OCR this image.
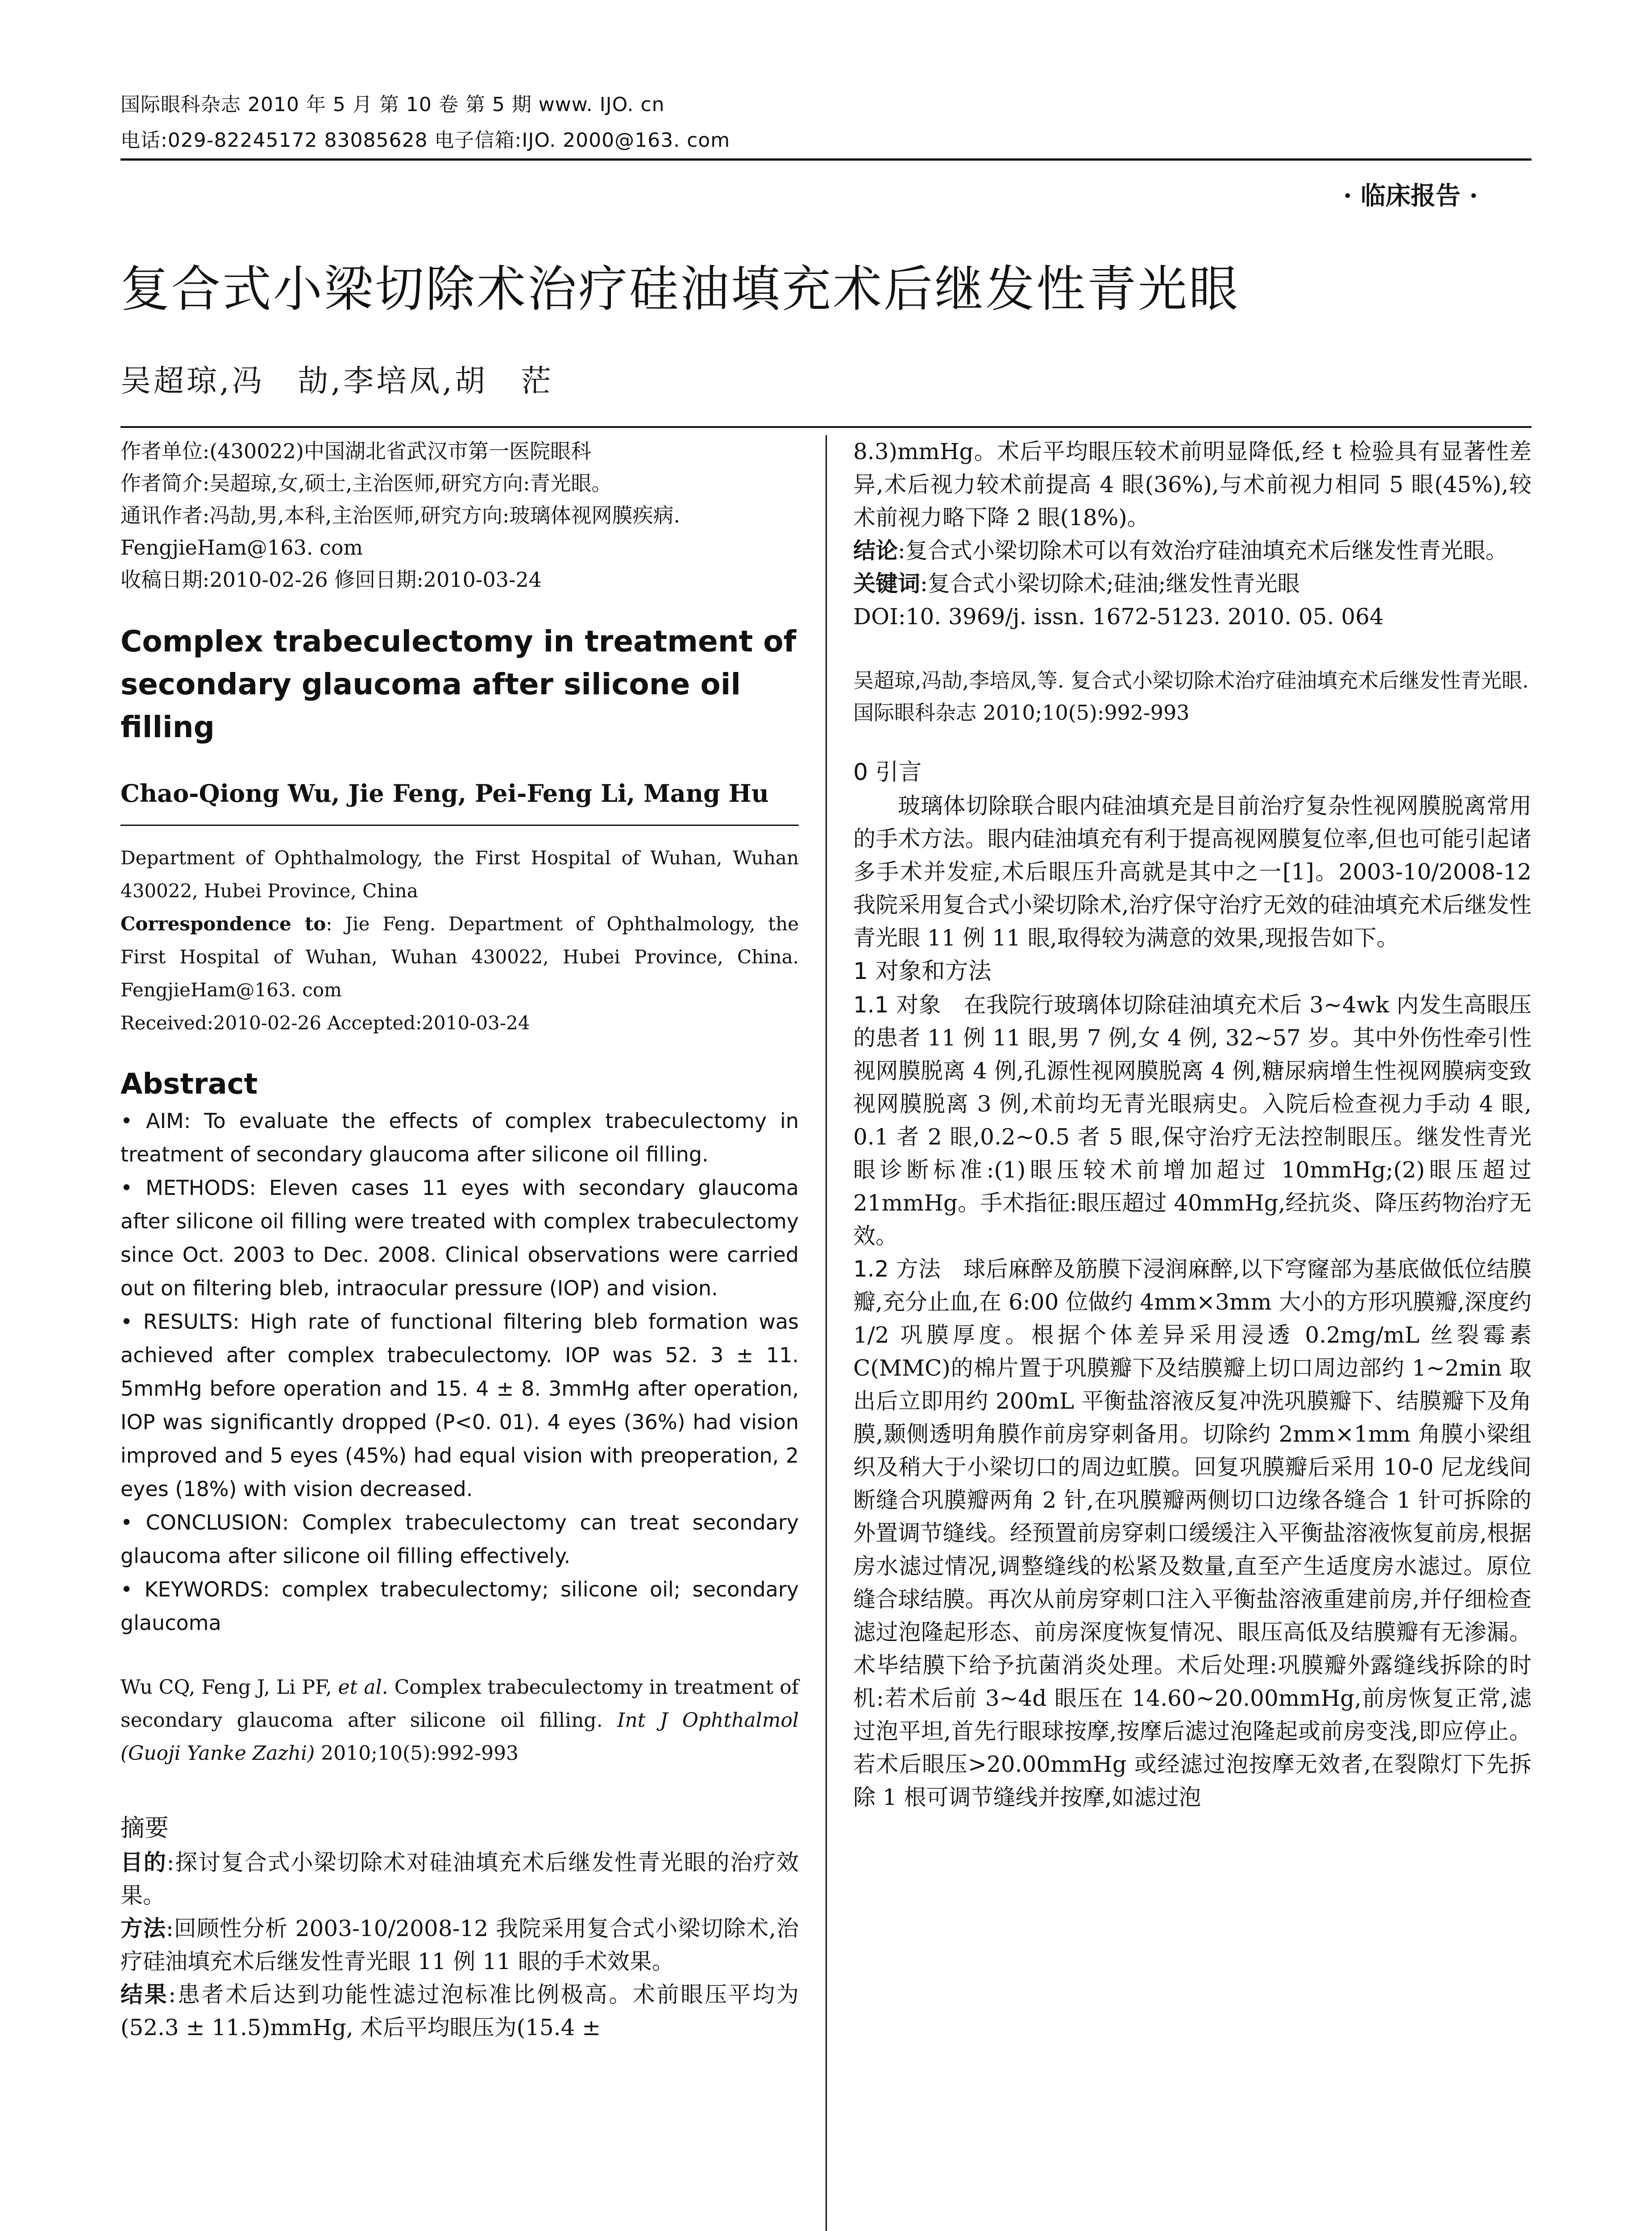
国际眼科杂志 2010 年 5 月 第 10 卷 第 5 期 www. IJO. cn
电话:029-82245172 83085628 电子信箱:IJO. 2000@163. com
· 临床报告 ·
复合式小梁切除术治疗硅油填充术后继发性青光眼
吴超琼,冯　劼,李培凤,胡　茫

作者单位:(430022)中国湖北省武汉市第一医院眼科

作者简介:吴超琼,女,硕士,主治医师,研究方向:青光眼。

通讯作者:冯劼,男,本科,主治医师,研究方向:玻璃体视网膜疾病. FengjieHam@163. com

收稿日期:2010-02-26 修回日期:2010-03-24

Complex trabeculectomy in treatment of secondary glaucoma after silicone oil filling

Chao-Qiong Wu, Jie Feng, Pei-Feng Li, Mang Hu

Department of Ophthalmology, the First Hospital of Wuhan, Wuhan 430022, Hubei Province, China

Correspondence to: Jie Feng. Department of Ophthalmology, the First Hospital of Wuhan, Wuhan 430022, Hubei Province, China. FengjieHam@163. com

Received:2010-02-26 Accepted:2010-03-24

Abstract

• AIM: To evaluate the effects of complex trabeculectomy in treatment of secondary glaucoma after silicone oil filling.

• METHODS: Eleven cases 11 eyes with secondary glaucoma after silicone oil filling were treated with complex trabeculectomy since Oct. 2003 to Dec. 2008. Clinical observations were carried out on filtering bleb, intraocular pressure (IOP) and vision.

• RESULTS: High rate of functional filtering bleb formation was achieved after complex trabeculectomy. IOP was 52. 3 ± 11. 5mmHg before operation and 15. 4 ± 8. 3mmHg after operation, IOP was significantly dropped (P<0. 01). 4 eyes (36%) had vision improved and 5 eyes (45%) had equal vision with preoperation, 2 eyes (18%) with vision decreased.

• CONCLUSION: Complex trabeculectomy can treat secondary glaucoma after silicone oil filling effectively.

• KEYWORDS: complex trabeculectomy; silicone oil; secondary glaucoma

Wu CQ, Feng J, Li PF, et al. Complex trabeculectomy in treatment of secondary glaucoma after silicone oil filling. Int J Ophthalmol (Guoji Yanke Zazhi) 2010;10(5):992-993

摘要

目的:探讨复合式小梁切除术对硅油填充术后继发性青光眼的治疗效果。

方法:回顾性分析 2003-10/2008-12 我院采用复合式小梁切除术,治疗硅油填充术后继发性青光眼 11 例 11 眼的手术效果。

结果:患者术后达到功能性滤过泡标准比例极高。术前眼压平均为(52.3 ± 11.5)mmHg, 术后平均眼压为(15.4 ±

8.3)mmHg。术后平均眼压较术前明显降低,经 t 检验具有显著性差异,术后视力较术前提高 4 眼(36%),与术前视力相同 5 眼(45%),较术前视力略下降 2 眼(18%)。

结论:复合式小梁切除术可以有效治疗硅油填充术后继发性青光眼。

关键词:复合式小梁切除术;硅油;继发性青光眼

DOI:10. 3969/j. issn. 1672-5123. 2010. 05. 064

吴超琼,冯劼,李培凤,等. 复合式小梁切除术治疗硅油填充术后继发性青光眼. 国际眼科杂志 2010;10(5):992-993

0 引言

玻璃体切除联合眼内硅油填充是目前治疗复杂性视网膜脱离常用的手术方法。眼内硅油填充有利于提高视网膜复位率,但也可能引起诸多手术并发症,术后眼压升高就是其中之一[1]。2003-10/2008-12 我院采用复合式小梁切除术,治疗保守治疗无效的硅油填充术后继发性青光眼 11 例 11 眼,取得较为满意的效果,现报告如下。

1 对象和方法

1.1 对象　在我院行玻璃体切除硅油填充术后 3~4wk 内发生高眼压的患者 11 例 11 眼,男 7 例,女 4 例, 32~57 岁。其中外伤性牵引性视网膜脱离 4 例,孔源性视网膜脱离 4 例,糖尿病增生性视网膜病变致视网膜脱离 3 例,术前均无青光眼病史。入院后检查视力手动 4 眼, 0.1 者 2 眼,0.2~0.5 者 5 眼,保守治疗无法控制眼压。继发性青光眼诊断标准:(1)眼压较术前增加超过 10mmHg;(2)眼压超过 21mmHg。手术指征:眼压超过 40mmHg,经抗炎、降压药物治疗无效。

1.2 方法　球后麻醉及筋膜下浸润麻醉,以下穹窿部为基底做低位结膜瓣,充分止血,在 6:00 位做约 4mm×3mm 大小的方形巩膜瓣,深度约 1/2 巩膜厚度。根据个体差异采用浸透 0.2mg/mL 丝裂霉素 C(MMC)的棉片置于巩膜瓣下及结膜瓣上切口周边部约 1~2min 取出后立即用约 200mL 平衡盐溶液反复冲洗巩膜瓣下、结膜瓣下及角膜,颞侧透明角膜作前房穿刺备用。切除约 2mm×1mm 角膜小梁组织及稍大于小梁切口的周边虹膜。回复巩膜瓣后采用 10-0 尼龙线间断缝合巩膜瓣两角 2 针,在巩膜瓣两侧切口边缘各缝合 1 针可拆除的外置调节缝线。经预置前房穿刺口缓缓注入平衡盐溶液恢复前房,根据房水滤过情况,调整缝线的松紧及数量,直至产生适度房水滤过。原位缝合球结膜。再次从前房穿刺口注入平衡盐溶液重建前房,并仔细检查滤过泡隆起形态、前房深度恢复情况、眼压高低及结膜瓣有无渗漏。术毕结膜下给予抗菌消炎处理。术后处理:巩膜瓣外露缝线拆除的时机:若术后前 3~4d 眼压在 14.60~20.00mmHg,前房恢复正常,滤过泡平坦,首先行眼球按摩,按摩后滤过泡隆起或前房变浅,即应停止。若术后眼压>20.00mmHg 或经滤过泡按摩无效者,在裂隙灯下先拆除 1 根可调节缝线并按摩,如滤过泡
